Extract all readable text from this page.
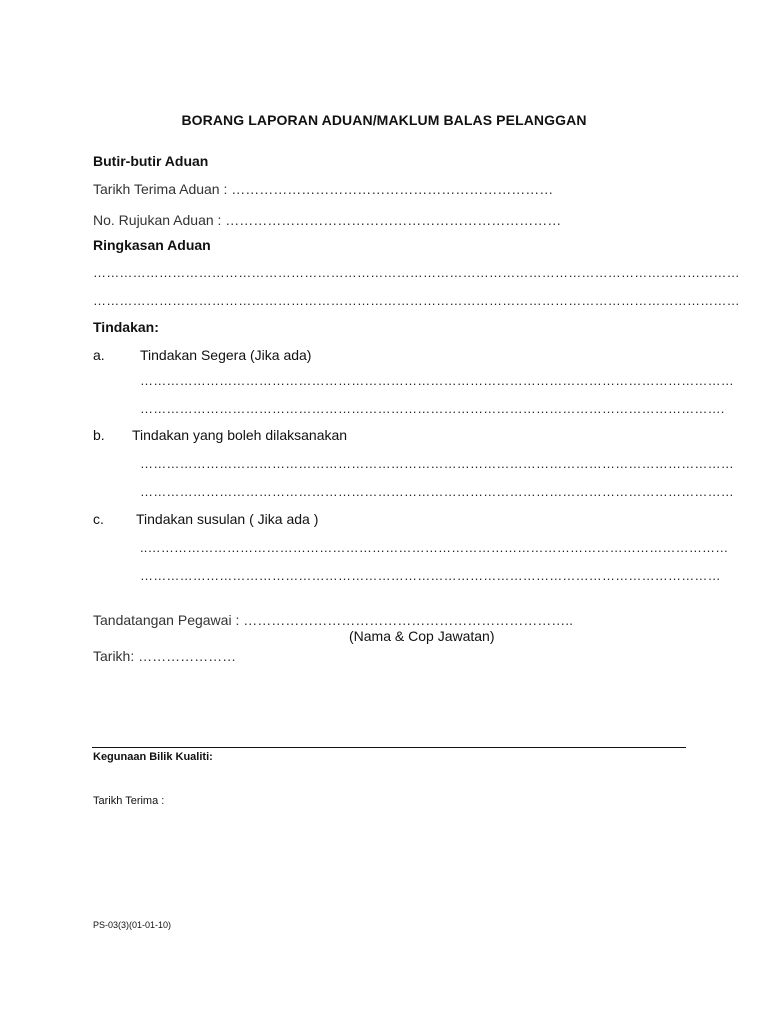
BORANG LAPORAN ADUAN/MAKLUM BALAS PELANGGAN
Butir-butir Aduan
Tarikh Terima Aduan : ……………………………………………………………
No. Rujukan Aduan : ………………………………………………………………
Ringkasan Aduan
…………………………………………………………………………………………………………………………………
…………………………………………………………………………………………………………………………………
Tindakan:
a.	Tindakan Segera (Jika ada)
………………………………………………………………………………………………………………………
…………………………………………………………………………………………………………………….
b. Tindakan yang boleh dilaksanakan
………………………………………………………………………………………………………………………
………………………………………………………………………………………………………………………
c. Tindakan susulan ( Jika ada )
..……………………………………………………………………………………………………………………
……………………………………………………………………………………………………………………
Tandatangan Pegawai : ……………………………………………………………..
(Nama & Cop Jawatan)
Tarikh: …………………
Kegunaan Bilik Kualiti:
Tarikh Terima :
PS-03(3)(01-01-10)
